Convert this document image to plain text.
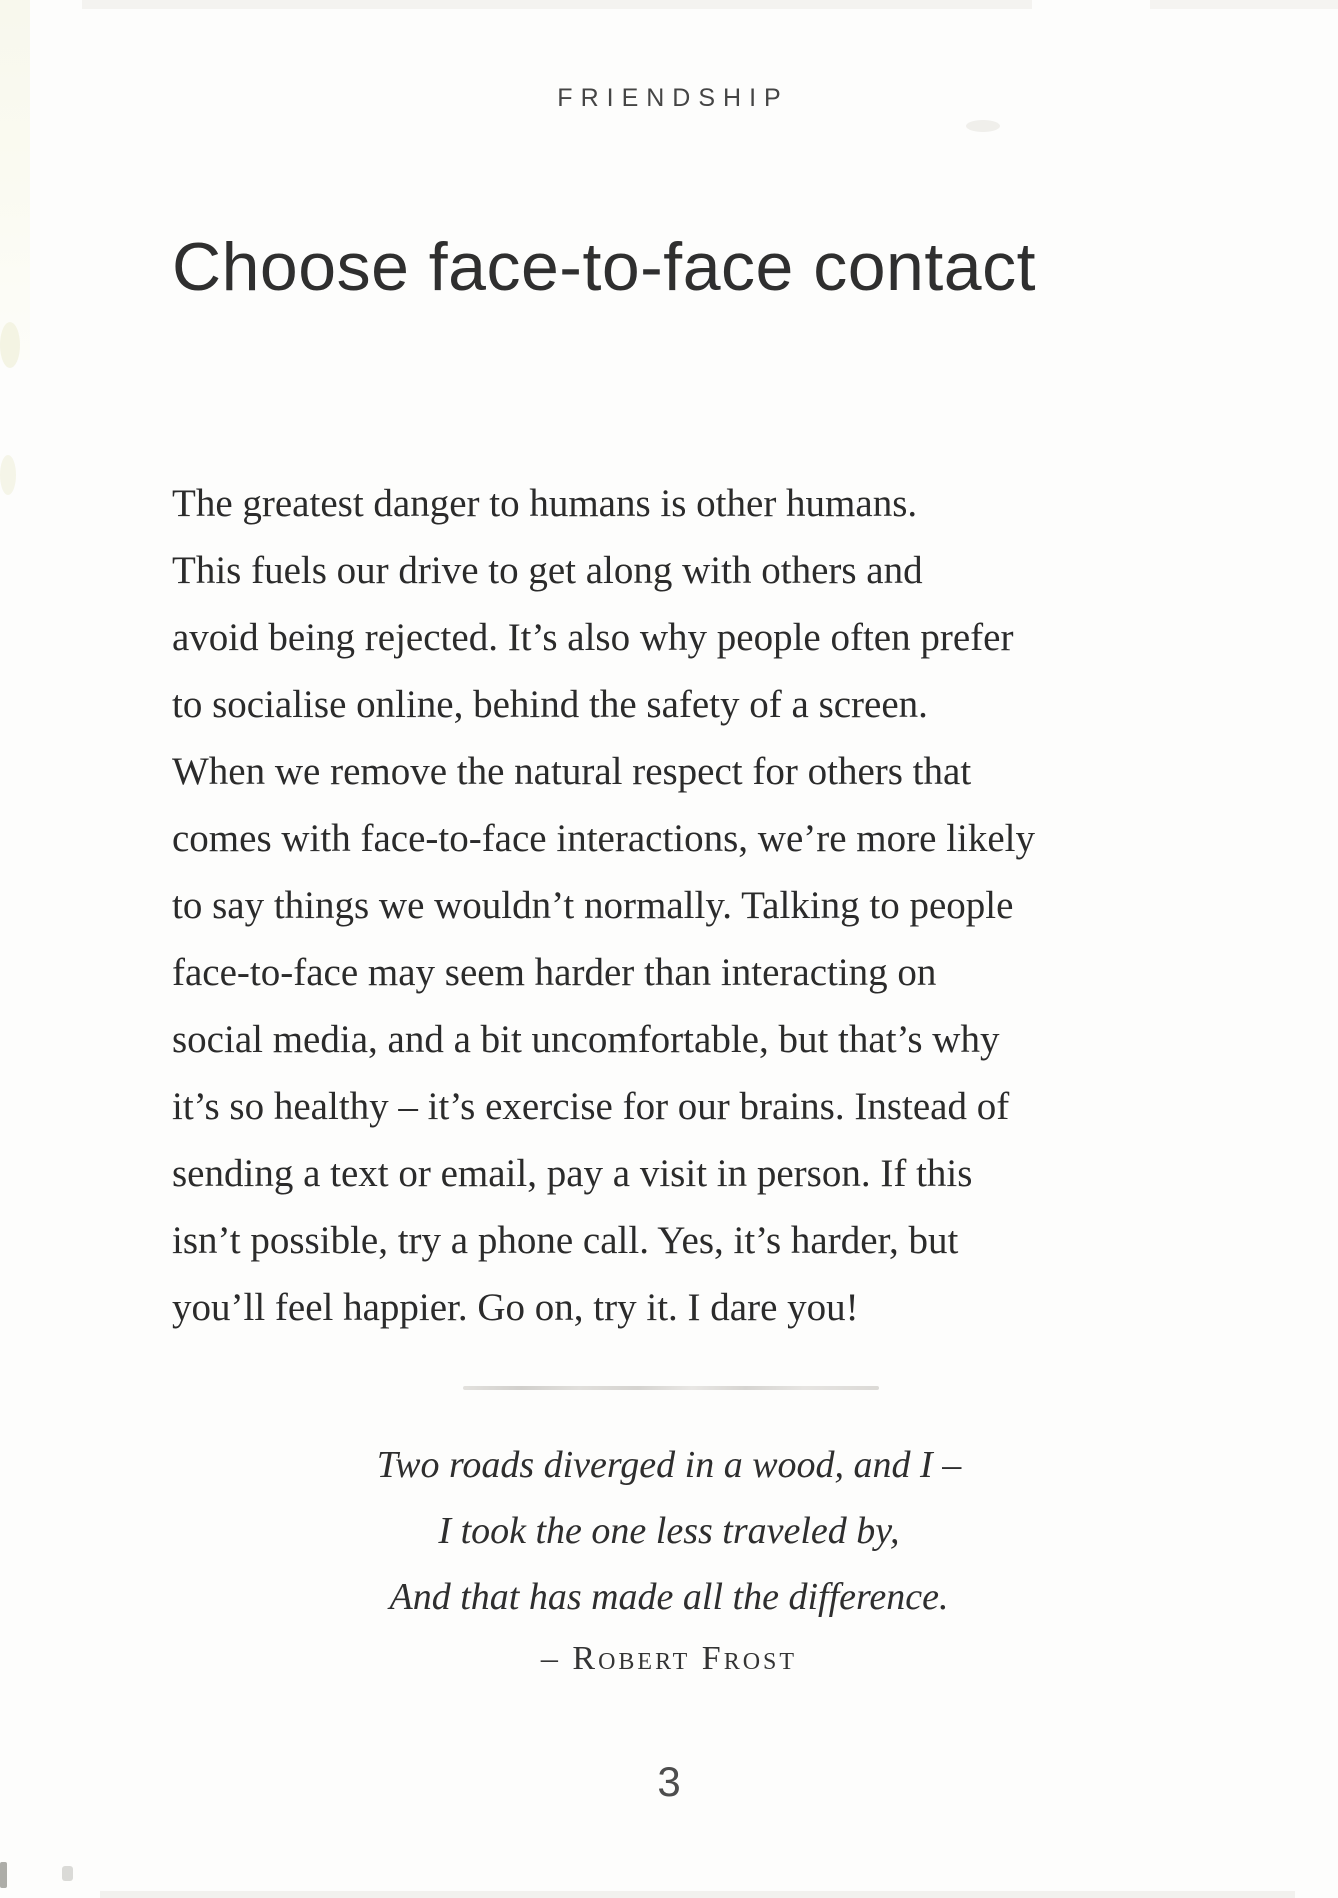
FRIENDSHIP
Choose face-to-face contact
The greatest danger to humans is other humans.
This fuels our drive to get along with others and
avoid being rejected. It’s also why people often prefer
to socialise online, behind the safety of a screen.
When we remove the natural respect for others that
comes with face-to-face interactions, we’re more likely
to say things we wouldn’t normally. Talking to people
face-to-face may seem harder than interacting on
social media, and a bit uncomfortable, but that’s why
it’s so healthy – it’s exercise for our brains. Instead of
sending a text or email, pay a visit in person. If this
isn’t possible, try a phone call. Yes, it’s harder, but
you’ll feel happier. Go on, try it. I dare you!
Two roads diverged in a wood, and I –
I took the one less traveled by,
And that has made all the difference.
– Robert Frost
3
